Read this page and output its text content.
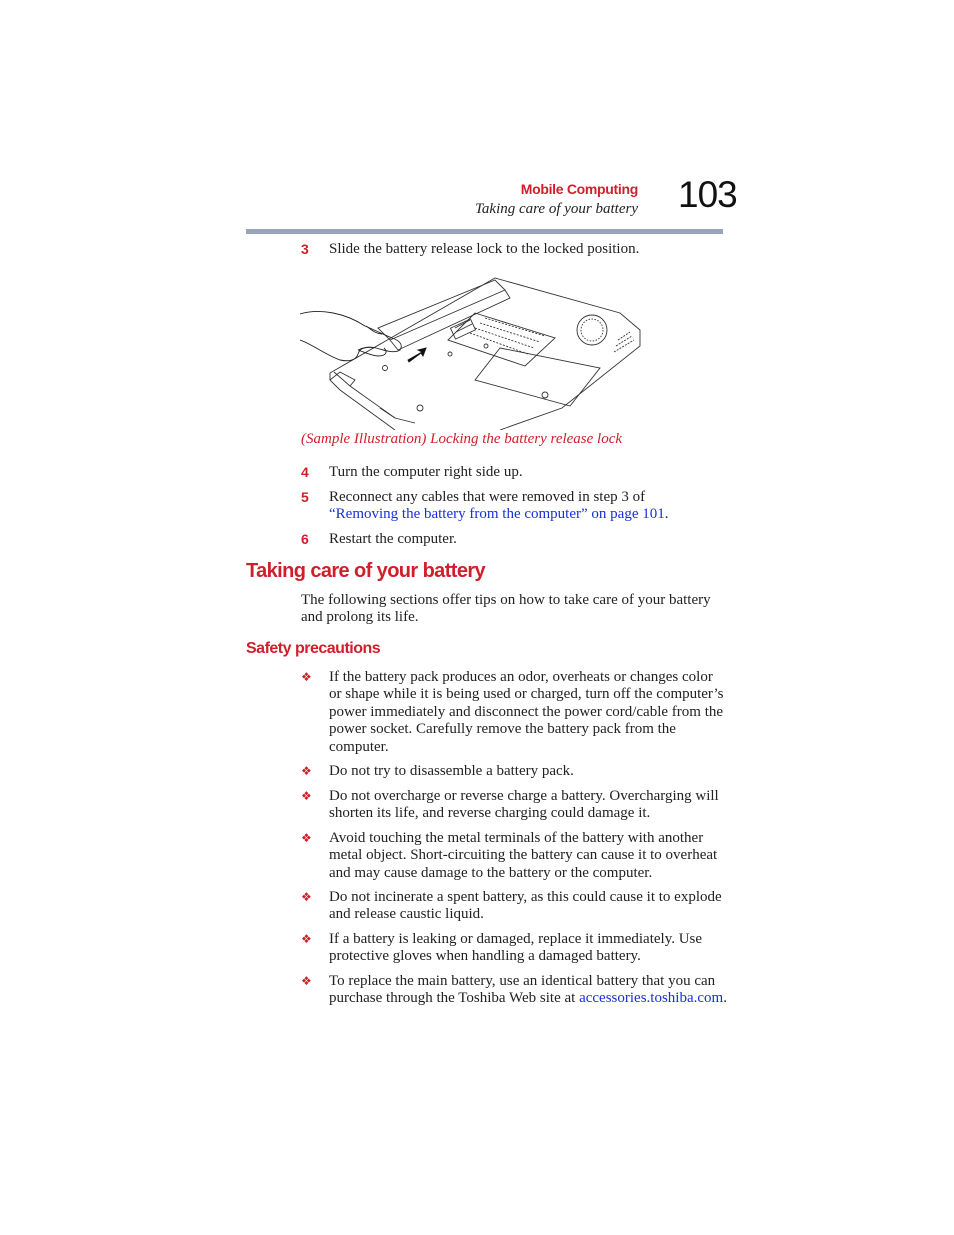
Mobile Computing
Taking care of your battery 103
3 Slide the battery release lock to the locked position.
(Sample Illustration) Locking the battery release lock
4 Turn the computer right side up.
5 Reconnect any cables that were removed in step 3 of
“Removing the battery from the computer” on page 101.
6 Restart the computer.
Taking care of your battery
The following sections offer tips on how to take care of your battery and prolong its life.
Safety precautions
❖ If the battery pack produces an odor, overheats or changes color or shape while it is being used or charged, turn off the computer’s power immediately and disconnect the power cord/cable from the power socket. Carefully remove the battery pack from the computer.
❖ Do not try to disassemble a battery pack.
❖ Do not overcharge or reverse charge a battery. Overcharging will shorten its life, and reverse charging could damage it.
❖ Avoid touching the metal terminals of the battery with another metal object. Short-circuiting the battery can cause it to overheat and may cause damage to the battery or the computer.
❖ Do not incinerate a spent battery, as this could cause it to explode and release caustic liquid.
❖ If a battery is leaking or damaged, replace it immediately. Use protective gloves when handling a damaged battery.
❖ To replace the main battery, use an identical battery that you can purchase through the Toshiba Web site at accessories.toshiba.com.
